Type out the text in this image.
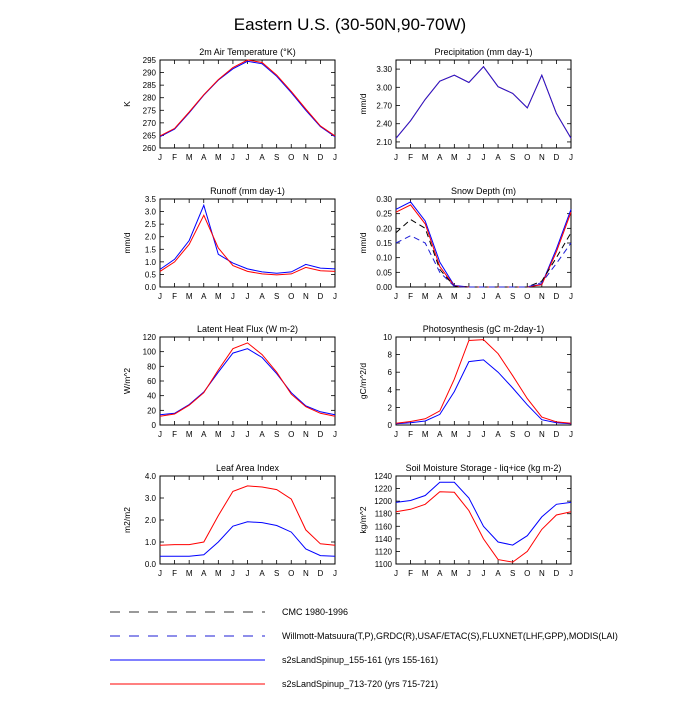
Eastern U.S. (30-50N,90-70W)
2m Air Temperature (°K)
260
265
270
275
280
285
290
295
J F M A M J J A S O N D J
K
Precipitation (mm day-1)
2.10
2.40
2.70
3.00
3.30
J F M A M J J A S O N D J
mm/d
Runoff (mm day-1)
0.0
0.5
1.0
1.5
2.0
2.5
3.0
3.5
J F M A M J J A S O N D J
mm/d
Snow Depth (m)
0.00
0.05
0.10
0.15
0.20
0.25
0.30
J F M A M J J A S O N D J
mm/d
Latent Heat Flux (W m-2)
0
20
40
60
80
100
120
J F M A M J J A S O N D J
W/m^2
Photosynthesis (gC m-2day-1)
0
2
4
6
8
10
J F M A M J J A S O N D J
gC/m^2/d
Leaf Area Index
0.0
1.0
2.0
3.0
4.0
J F M A M J J A S O N D J
m2/m2
Soil Moisture Storage - liq+ice (kg m-2)
1100
1120
1140
1160
1180
1200
1220
1240
J F M A M J J A S O N D J
kg/m^2
CMC 1980-1996
Willmott-Matsuura(T,P),GRDC(R),USAF/ETAC(S),FLUXNET(LHF,GPP),MODIS(LAI)
s2sLandSpinup_155-161 (yrs 155-161)
s2sLandSpinup_713-720 (yrs 715-721)
